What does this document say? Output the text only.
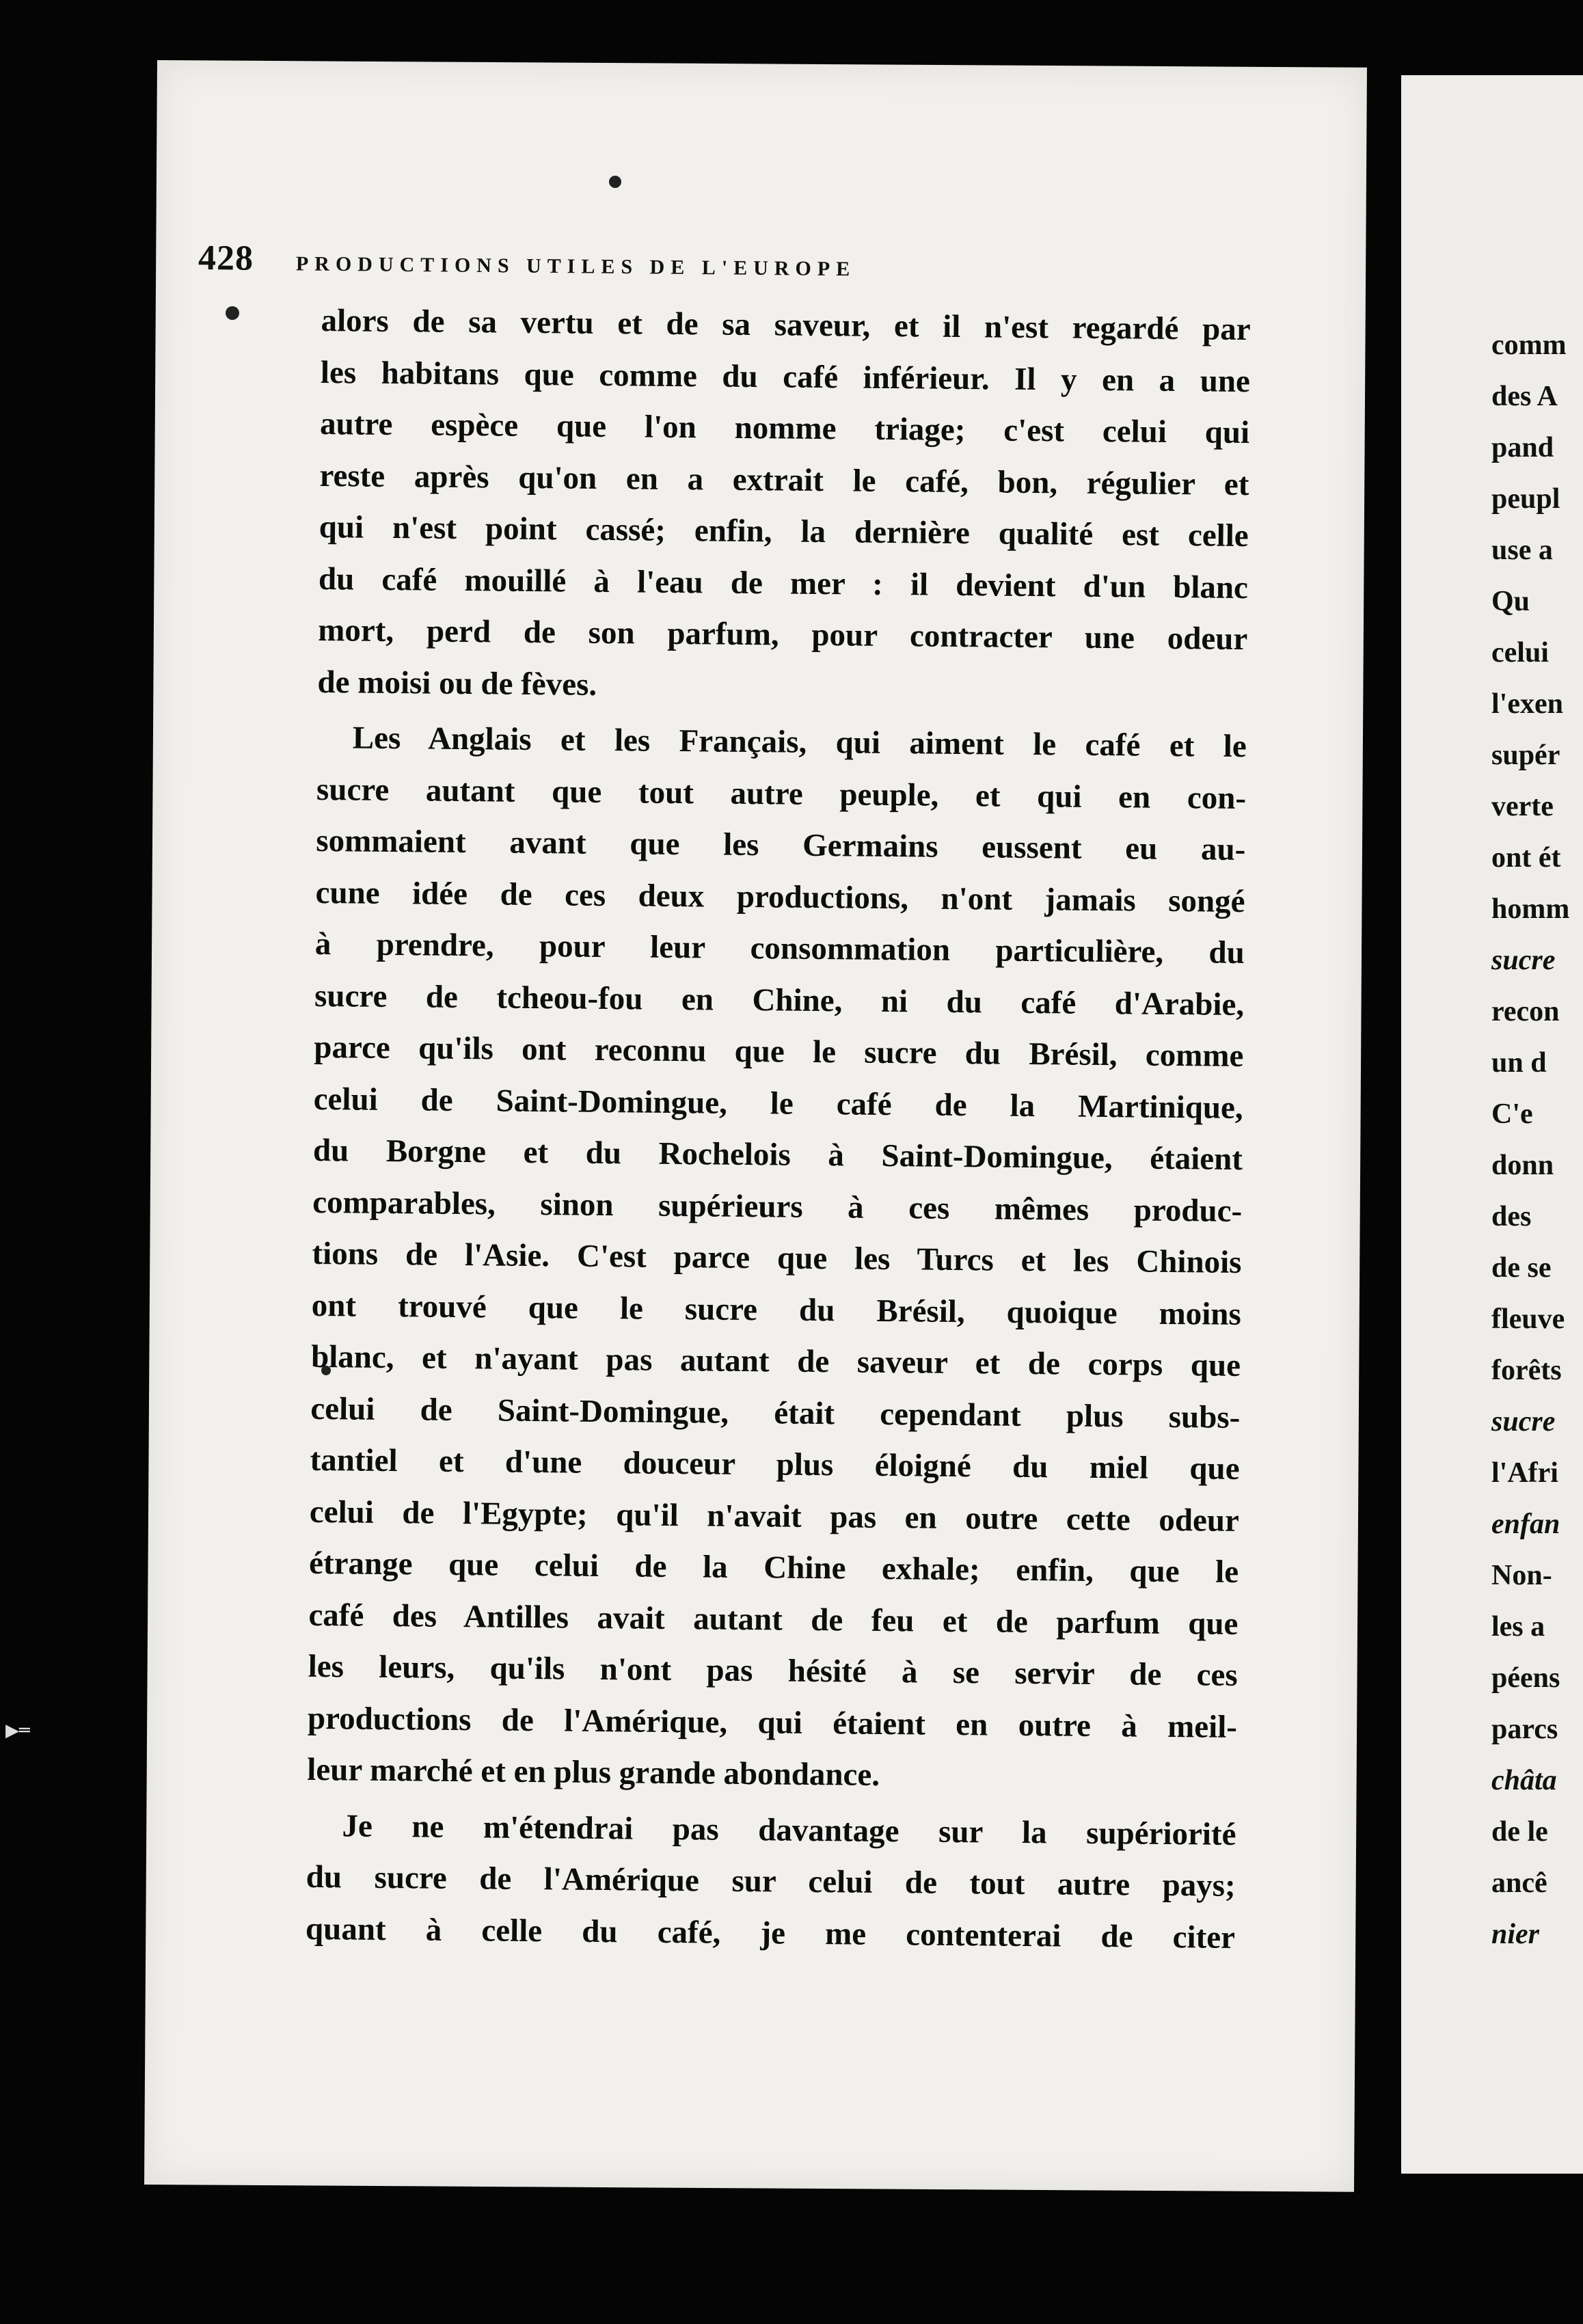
▶═
428 PRODUCTIONS UTILES DE L'EUROPE
alors de sa vertu et de sa saveur, et il n'est regardé par
les habitans que comme du café inférieur. Il y en a une
autre espèce que l'on nomme triage; c'est celui qui
reste après qu'on en a extrait le café, bon, régulier et
qui n'est point cassé; enfin, la dernière qualité est celle
du café mouillé à l'eau de mer : il devient d'un blanc
mort, perd de son parfum, pour contracter une odeur
de moisi ou de fèves.
Les Anglais et les Français, qui aiment le café et le
sucre autant que tout autre peuple, et qui en con-
sommaient avant que les Germains eussent eu au-
cune idée de ces deux productions, n'ont jamais songé
à prendre, pour leur consommation particulière, du
sucre de tcheou-fou en Chine, ni du café d'Arabie,
parce qu'ils ont reconnu que le sucre du Brésil, comme
celui de Saint-Domingue, le café de la Martinique,
du Borgne et du Rochelois à Saint-Domingue, étaient
comparables, sinon supérieurs à ces mêmes produc-
tions de l'Asie. C'est parce que les Turcs et les Chinois
ont trouvé que le sucre du Brésil, quoique moins
blanc, et n'ayant pas autant de saveur et de corps que
celui de Saint-Domingue, était cependant plus subs-
tantiel et d'une douceur plus éloigné du miel que
celui de l'Egypte; qu'il n'avait pas en outre cette odeur
étrange que celui de la Chine exhale; enfin, que le
café des Antilles avait autant de feu et de parfum que
les leurs, qu'ils n'ont pas hésité à se servir de ces
productions de l'Amérique, qui étaient en outre à meil-
leur marché et en plus grande abondance.
Je ne m'étendrai pas davantage sur la supériorité
du sucre de l'Amérique sur celui de tout autre pays;
quant à celle du café, je me contenterai de citer
comm
des A
pand
peupl
use a
Qu
celui
l'exen
supér
verte
ont ét
homm
sucre
recon
un d
C'e
donn
des
de se
fleuve
forêts
sucre
l'Afri
enfan
Non-
les a
péens
parcs
châta
de le
ancê
nier
